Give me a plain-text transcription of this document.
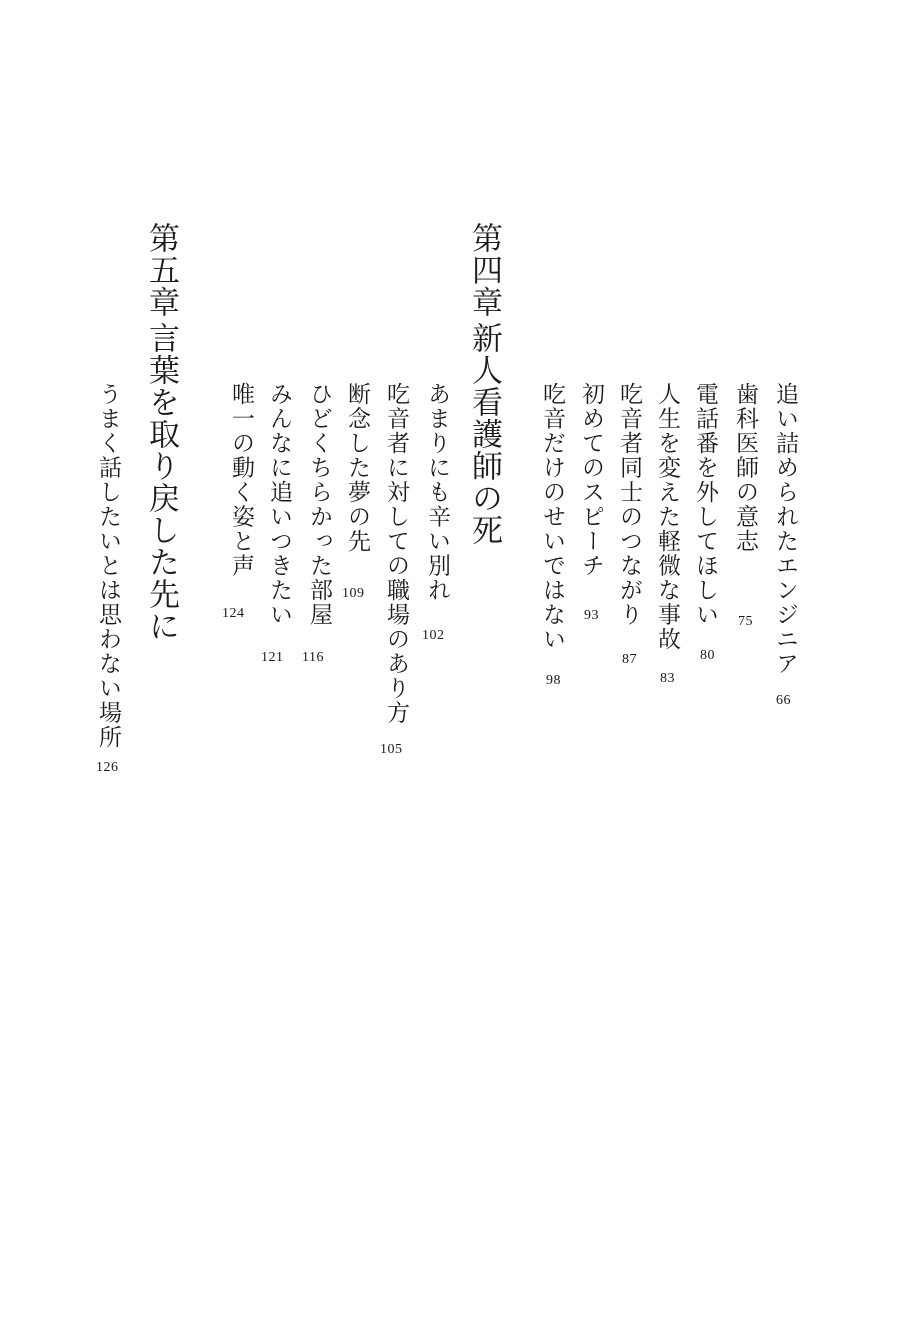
追い詰められたエンジニア
66
歯科医師の意志
75
電話番を外してほしい
80
人生を変えた軽微な事故
83
吃音者同士のつながり
87
初めてのスピーチ
93
吃音だけのせいではない
98
第四章
新人看護師の死
あまりにも辛い別れ
102
吃音者に対しての職場のあり方
105
断念した夢の先
109
ひどくちらかった部屋
116
みんなに追いつきたい
121
唯一の動く姿と声
124
第五章
言葉を取り戻した先に
うまく話したいとは思わない場所
126
